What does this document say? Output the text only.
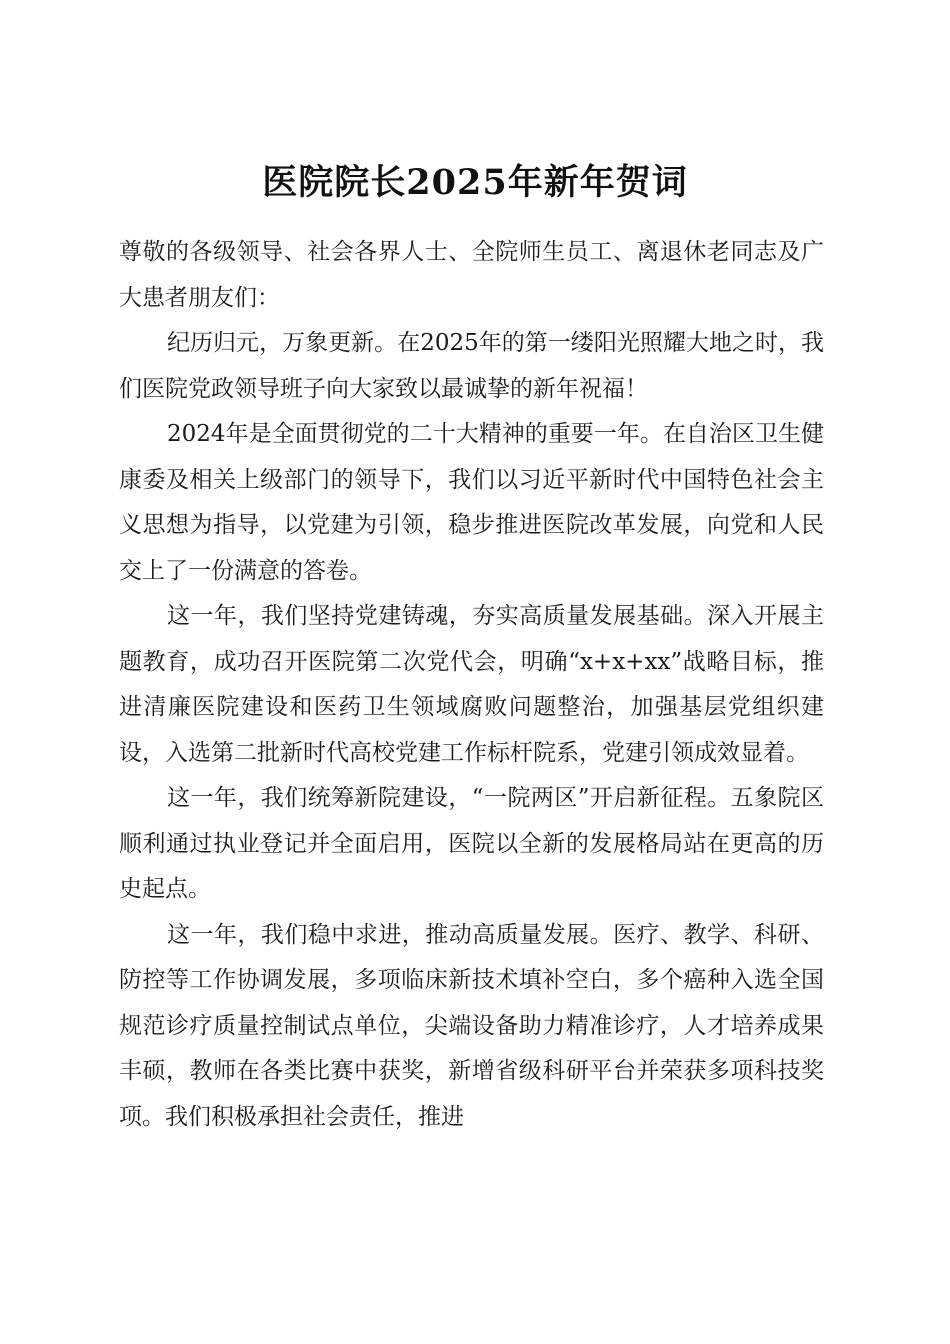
医院院长2025年新年贺词

尊敬的各级领导、社会各界人士、全院师生员工、离退休老同志及广大患者朋友们：

纪历归元，万象更新。在2025年的第一缕阳光照耀大地之时，我们医院党政领导班子向大家致以最诚挚的新年祝福！

2024年是全面贯彻党的二十大精神的重要一年。在自治区卫生健康委及相关上级部门的领导下，我们以习近平新时代中国特色社会主义思想为指导，以党建为引领，稳步推进医院改革发展，向党和人民交上了一份满意的答卷。

这一年，我们坚持党建铸魂，夯实高质量发展基础。深入开展主题教育，成功召开医院第二次党代会，明确“x+x+xx”战略目标，推进清廉医院建设和医药卫生领域腐败问题整治，加强基层党组织建设，入选第二批新时代高校党建工作标杆院系，党建引领成效显着。

这一年，我们统筹新院建设，“一院两区”开启新征程。五象院区顺利通过执业登记并全面启用，医院以全新的发展格局站在更高的历史起点。

这一年，我们稳中求进，推动高质量发展。医疗、教学、科研、防控等工作协调发展，多项临床新技术填补空白，多个癌种入选全国规范诊疗质量控制试点单位，尖端设备助力精准诊疗，人才培养成果丰硕，教师在各类比赛中获奖，新增省级科研平台并荣获多项科技奖项。我们积极承担社会责任，推进
